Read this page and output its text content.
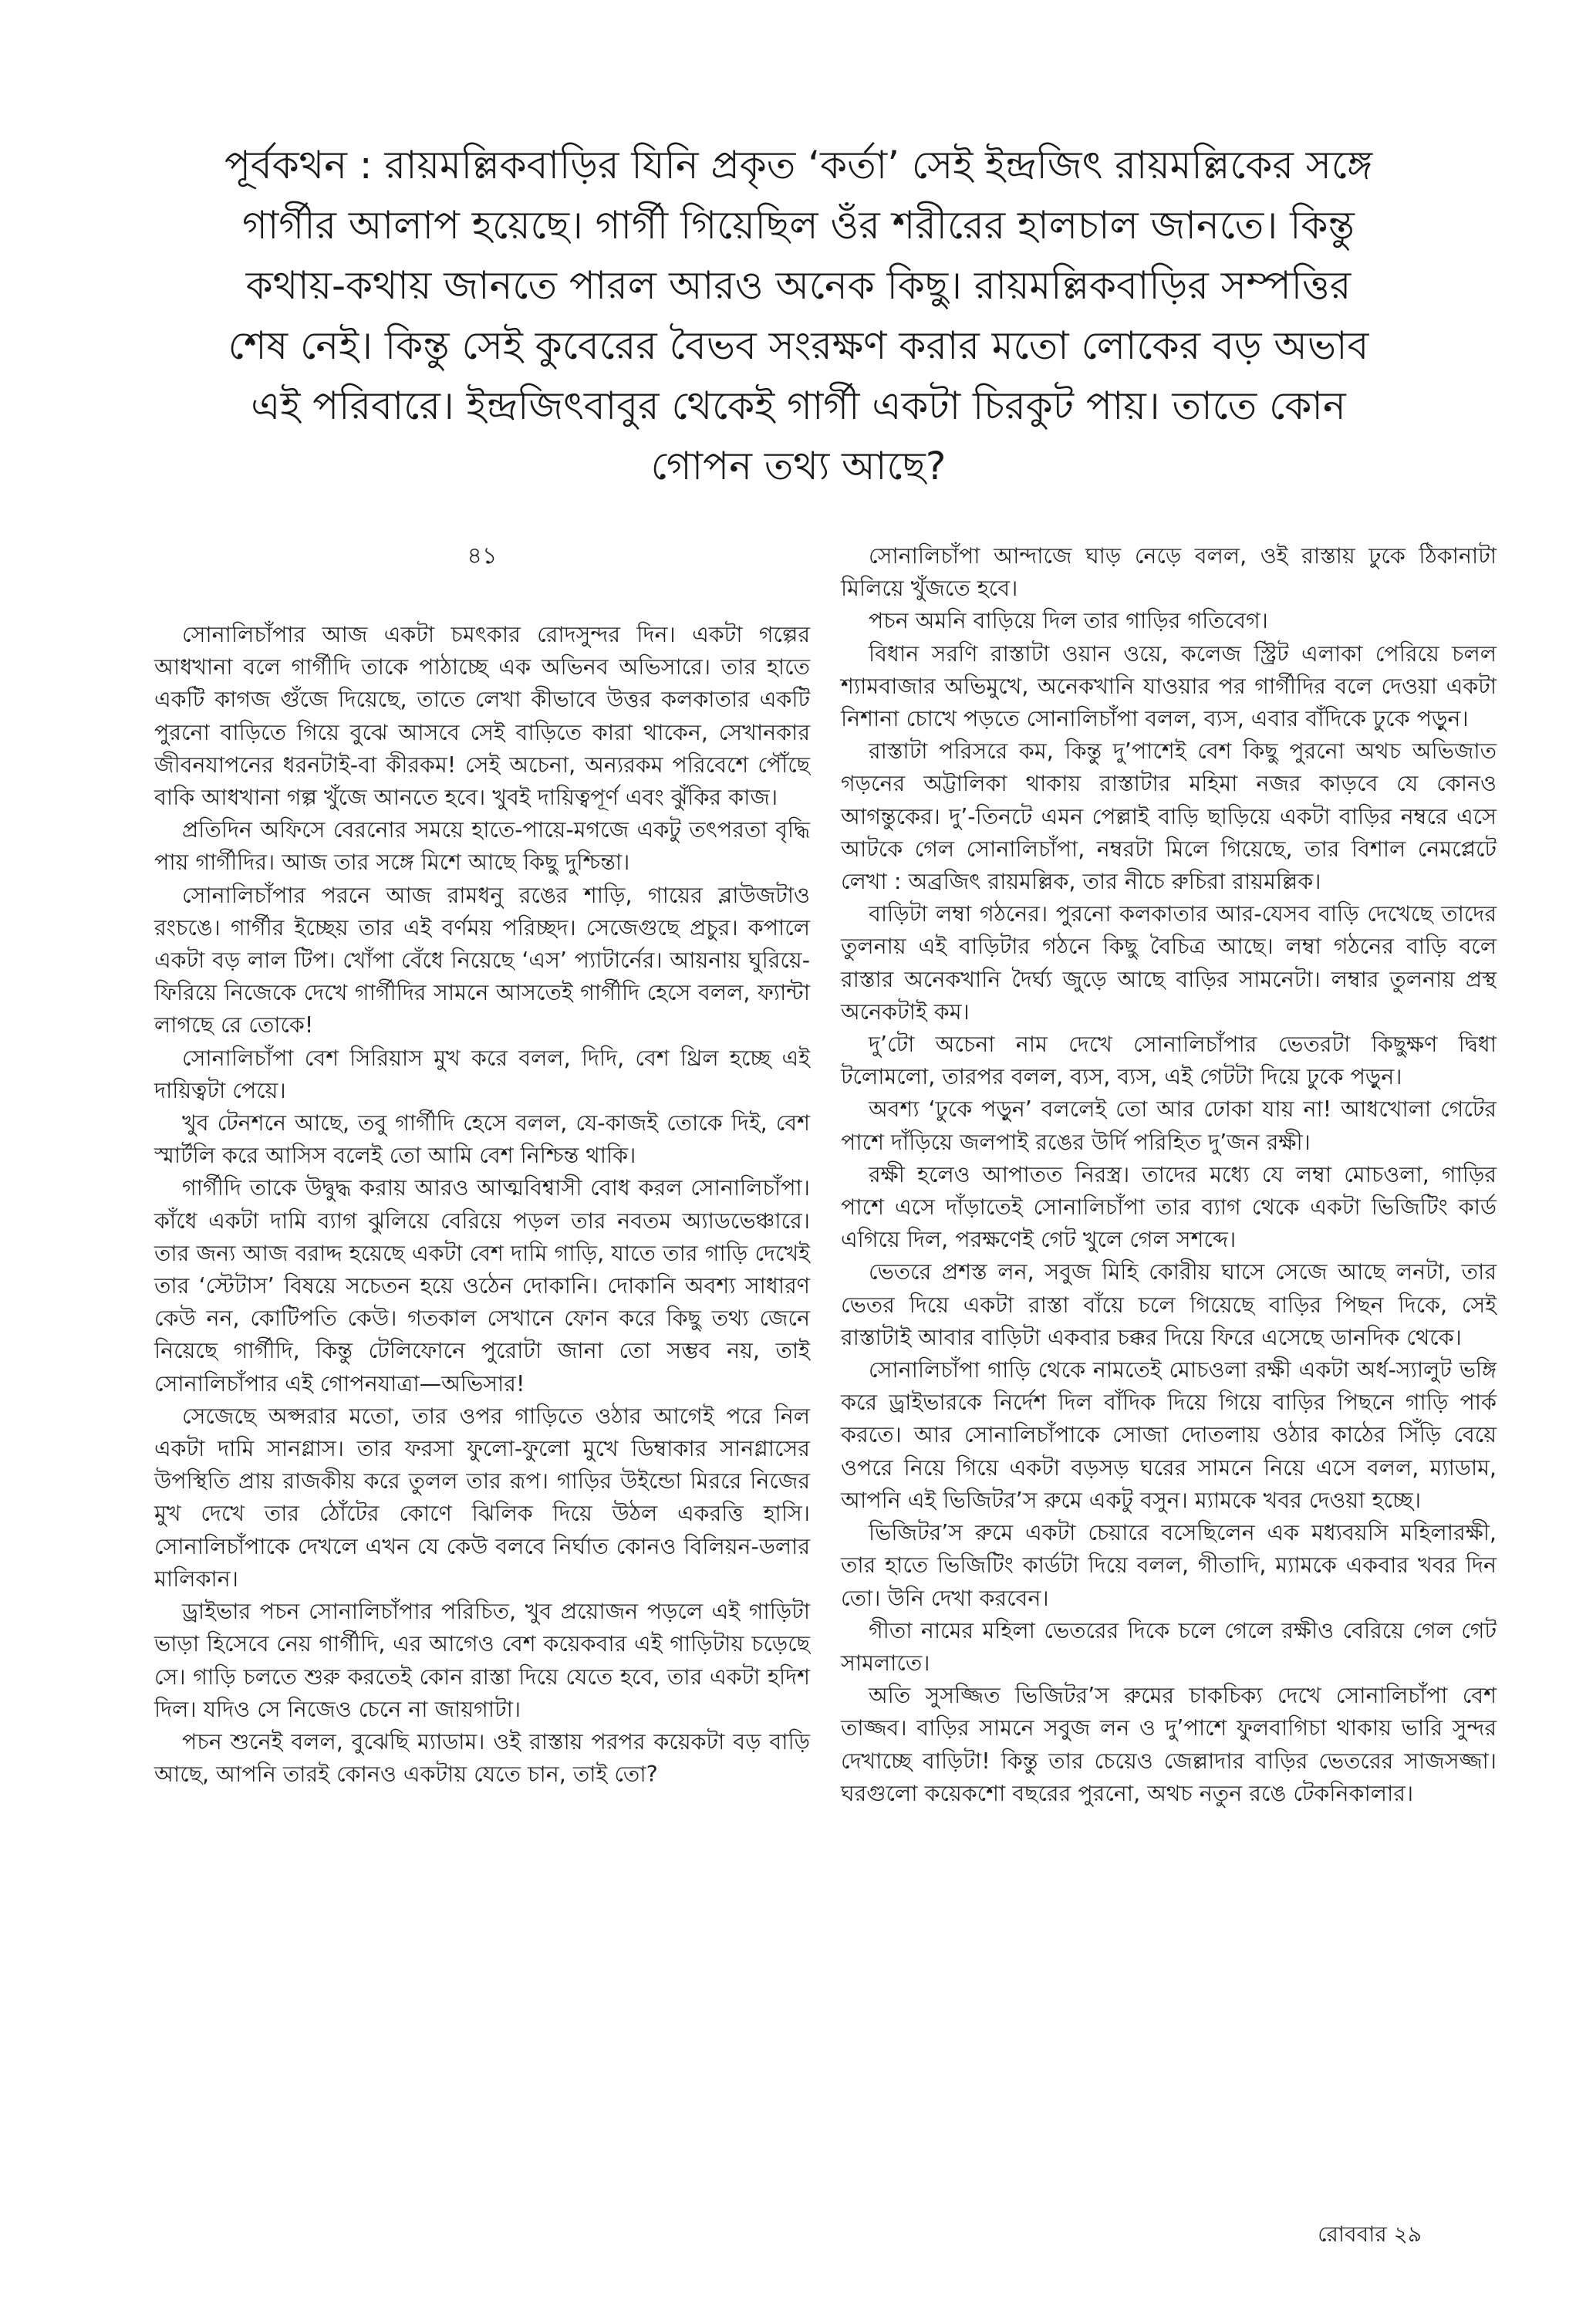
পূর্বকথন : রায়মল্লিকবাড়ির যিনি প্রকৃত ‘কর্তা’ সেই ইন্দ্রজিৎ রায়মল্লিকের সঙ্গে
গার্গীর আলাপ হয়েছে। গার্গী গিয়েছিল ওঁর শরীরের হালচাল জানতে। কিন্তু
কথায়-কথায় জানতে পারল আরও অনেক কিছু। রায়মল্লিকবাড়ির সম্পত্তির
শেষ নেই। কিন্তু সেই কুবেরের বৈভব সংরক্ষণ করার মতো লোকের বড় অভাব
এই পরিবারে। ইন্দ্রজিৎবাবুর থেকেই গার্গী একটা চিরকুট পায়। তাতে কোন
গোপন তথ্য আছে?
৪১

সোনালিচাঁপার আজ একটা চমৎকার রোদসুন্দর দিন। একটা গল্পের আধখানা বলে গার্গীদি তাকে পাঠাচ্ছে এক অভিনব অভিসারে। তার হাতে একটি কাগজ গুঁজে দিয়েছে, তাতে লেখা কীভাবে উত্তর কলকাতার একটি পুরনো বাড়িতে গিয়ে বুঝে আসবে সেই বাড়িতে কারা থাকেন, সেখানকার জীবনযাপনের ধরনটাই-বা কীরকম! সেই অচেনা, অন্যরকম পরিবেশে পৌঁছে বাকি আধখানা গল্প খুঁজে আনতে হবে। খুবই দায়িত্বপূর্ণ এবং ঝুঁকির কাজ।

প্রতিদিন অফিসে বেরনোর সময়ে হাতে-পায়ে-মগজে একটু তৎপরতা বৃদ্ধি পায় গার্গীদির। আজ তার সঙ্গে মিশে আছে কিছু দুশ্চিন্তা।

সোনালিচাঁপার পরনে আজ রামধনু রঙের শাড়ি, গায়ের ব্লাউজটাও রংচঙে। গার্গীর ইচ্ছেয় তার এই বর্ণময় পরিচ্ছদ। সেজেগুছে প্রচুর। কপালে একটা বড় লাল টিপ। খোঁপা বেঁধে নিয়েছে ‘এস’ প্যাটার্নের। আয়নায় ঘুরিয়ে-ফিরিয়ে নিজেকে দেখে গার্গীদির সামনে আসতেই গার্গীদি হেসে বলল, ফ্যান্টা লাগছে রে তোকে!

সোনালিচাঁপা বেশ সিরিয়াস মুখ করে বলল, দিদি, বেশ থ্রিল হচ্ছে এই দায়িত্বটা পেয়ে।

খুব টেনশনে আছে, তবু গার্গীদি হেসে বলল, যে-কাজই তোকে দিই, বেশ স্মার্টলি করে আসিস বলেই তো আমি বেশ নিশ্চিন্ত থাকি।

গার্গীদি তাকে উদ্বুদ্ধ করায় আরও আত্মবিশ্বাসী বোধ করল সোনালিচাঁপা। কাঁধে একটা দামি ব্যাগ ঝুলিয়ে বেরিয়ে পড়ল তার নবতম অ্যাডভেঞ্চারে। তার জন্য আজ বরাদ্দ হয়েছে একটা বেশ দামি গাড়ি, যাতে তার গাড়ি দেখেই তার ‘স্টেটাস’ বিষয়ে সচেতন হয়ে ওঠেন দোকানি। দোকানি অবশ্য সাধারণ কেউ নন, কোটিপতি কেউ। গতকাল সেখানে ফোন করে কিছু তথ্য জেনে নিয়েছে গার্গীদি, কিন্তু টেলিফোনে পুরোটা জানা তো সম্ভব নয়, তাই সোনালিচাঁপার এই গোপনযাত্রা—অভিসার!

সেজেছে অপ্সরার মতো, তার ওপর গাড়িতে ওঠার আগেই পরে নিল একটা দামি সানগ্লাস। তার ফরসা ফুলো-ফুলো মুখে ডিম্বাকার সানগ্লাসের উপস্থিতি প্রায় রাজকীয় করে তুলল তার রূপ। গাড়ির উইন্ডো মিররে নিজের মুখ দেখে তার ঠোঁটের কোণে ঝিলিক দিয়ে উঠল একরত্তি হাসি। সোনালিচাঁপাকে দেখলে এখন যে কেউ বলবে নির্ঘাত কোনও বিলিয়ন-ডলার মালিকান।

ড্রাইভার পচন সোনালিচাঁপার পরিচিত, খুব প্রয়োজন পড়লে এই গাড়িটা ভাড়া হিসেবে নেয় গার্গীদি, এর আগেও বেশ কয়েকবার এই গাড়িটায় চড়েছে সে। গাড়ি চলতে শুরু করতেই কোন রাস্তা দিয়ে যেতে হবে, তার একটা হদিশ দিল। যদিও সে নিজেও চেনে না জায়গাটা।

পচন শুনেই বলল, বুঝেছি ম্যাডাম। ওই রাস্তায় পরপর কয়েকটা বড় বাড়ি আছে, আপনি তারই কোনও একটায় যেতে চান, তাই তো?

সোনালিচাঁপা আন্দাজে ঘাড় নেড়ে বলল, ওই রাস্তায় ঢুকে ঠিকানাটা মিলিয়ে খুঁজতে হবে।

পচন অমনি বাড়িয়ে দিল তার গাড়ির গতিবেগ।

বিধান সরণি রাস্তাটা ওয়ান ওয়ে, কলেজ স্ট্রিট এলাকা পেরিয়ে চলল শ্যামবাজার অভিমুখে, অনেকখানি যাওয়ার পর গার্গীদির বলে দেওয়া একটা নিশানা চোখে পড়তে সোনালিচাঁপা বলল, ব্যস, এবার বাঁদিকে ঢুকে পড়ুন।

রাস্তাটা পরিসরে কম, কিন্তু দু’পাশেই বেশ কিছু পুরনো অথচ অভিজাত গড়নের অট্টালিকা থাকায় রাস্তাটার মহিমা নজর কাড়বে যে কোনও আগন্তুকের। দু’-তিনটে এমন পেল্লাই বাড়ি ছাড়িয়ে একটা বাড়ির নম্বরে এসে আটকে গেল সোনালিচাঁপা, নম্বরটা মিলে গিয়েছে, তার বিশাল নেমপ্লেটে লেখা : অব্রজিৎ রায়মল্লিক, তার নীচে রুচিরা রায়মল্লিক।

বাড়িটা লম্বা গঠনের। পুরনো কলকাতার আর-যেসব বাড়ি দেখেছে তাদের তুলনায় এই বাড়িটার গঠনে কিছু বৈচিত্র আছে। লম্বা গঠনের বাড়ি বলে রাস্তার অনেকখানি দৈর্ঘ্য জুড়ে আছে বাড়ির সামনেটা। লম্বার তুলনায় প্রস্থ অনেকটাই কম।

দু’টো অচেনা নাম দেখে সোনালিচাঁপার ভেতরটা কিছুক্ষণ দ্বিধা টলোমলো, তারপর বলল, ব্যস, ব্যস, এই গেটটা দিয়ে ঢুকে পড়ুন।

অবশ্য ‘ঢুকে পড়ুন’ বললেই তো আর ঢোকা যায় না! আধখোলা গেটের পাশে দাঁড়িয়ে জলপাই রঙের উর্দি পরিহিত দু’জন রক্ষী।

রক্ষী হলেও আপাতত নিরস্ত্র। তাদের মধ্যে যে লম্বা মোচওলা, গাড়ির পাশে এসে দাঁড়াতেই সোনালিচাঁপা তার ব্যাগ থেকে একটা ভিজিটিং কার্ড এগিয়ে দিল, পরক্ষণেই গেট খুলে গেল সশব্দে।

ভেতরে প্রশস্ত লন, সবুজ মিহি কোরীয় ঘাসে সেজে আছে লনটা, তার ভেতর দিয়ে একটা রাস্তা বাঁয়ে চলে গিয়েছে বাড়ির পিছন দিকে, সেই রাস্তাটাই আবার বাড়িটা একবার চক্কর দিয়ে ফিরে এসেছে ডানদিক থেকে।

সোনালিচাঁপা গাড়ি থেকে নামতেই মোচওলা রক্ষী একটা অর্ধ-স্যালুট ভঙ্গি করে ড্রাইভারকে নির্দেশ দিল বাঁদিক দিয়ে গিয়ে বাড়ির পিছনে গাড়ি পার্ক করতে। আর সোনালিচাঁপাকে সোজা দোতলায় ওঠার কাঠের সিঁড়ি বেয়ে ওপরে নিয়ে গিয়ে একটা বড়সড় ঘরের সামনে নিয়ে এসে বলল, ম্যাডাম, আপনি এই ভিজিটর’স রুমে একটু বসুন। ম্যামকে খবর দেওয়া হচ্ছে।

ভিজিটর’স রুমে একটা চেয়ারে বসেছিলেন এক মধ্যবয়সি মহিলারক্ষী, তার হাতে ভিজিটিং কার্ডটা দিয়ে বলল, গীতাদি, ম্যামকে একবার খবর দিন তো। উনি দেখা করবেন।

গীতা নামের মহিলা ভেতরের দিকে চলে গেলে রক্ষীও বেরিয়ে গেল গেট সামলাতে।

অতি সুসজ্জিত ভিজিটর’স রুমের চাকচিক্য দেখে সোনালিচাঁপা বেশ তাজ্জব। বাড়ির সামনে সবুজ লন ও দু’পাশে ফুলবাগিচা থাকায় ভারি সুন্দর দেখাচ্ছে বাড়িটা! কিন্তু তার চেয়েও জেল্লাদার বাড়ির ভেতরের সাজসজ্জা। ঘরগুলো কয়েকশো বছরের পুরনো, অথচ নতুন রঙে টেকনিকালার।

রোববার ২৯
